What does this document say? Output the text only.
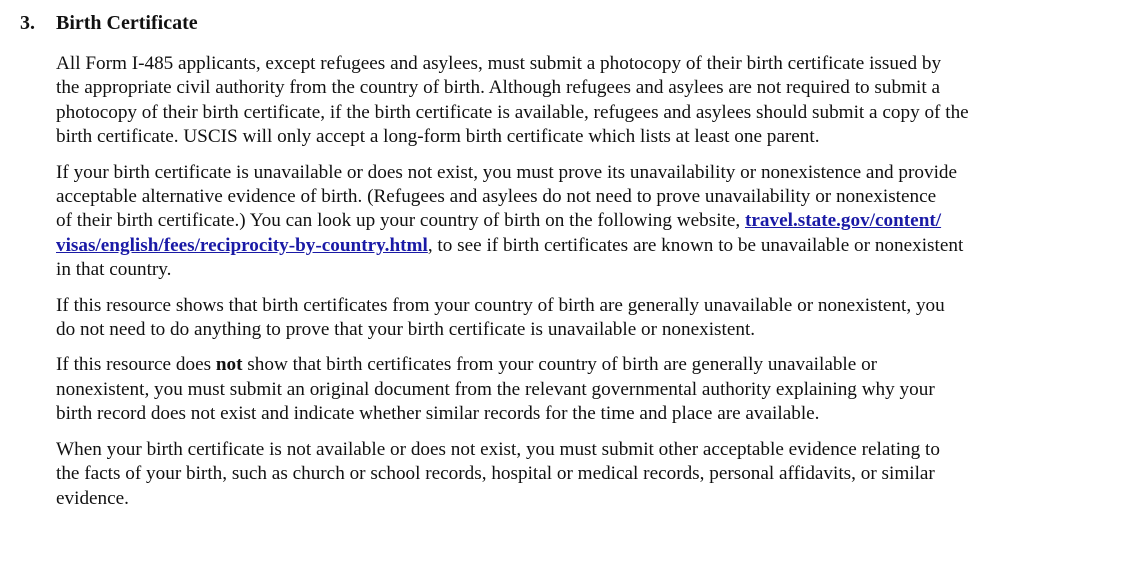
3. Birth Certificate
All Form I-485 applicants, except refugees and asylees, must submit a photocopy of their birth certificate issued by
the appropriate civil authority from the country of birth. Although refugees and asylees are not required to submit a
photocopy of their birth certificate, if the birth certificate is available, refugees and asylees should submit a copy of the
birth certificate. USCIS will only accept a long-form birth certificate which lists at least one parent.
If your birth certificate is unavailable or does not exist, you must prove its unavailability or nonexistence and provide
acceptable alternative evidence of birth. (Refugees and asylees do not need to prove unavailability or nonexistence
of their birth certificate.) You can look up your country of birth on the following website, travel.state.gov/content/
visas/english/fees/reciprocity-by-country.html, to see if birth certificates are known to be unavailable or nonexistent
in that country.
If this resource shows that birth certificates from your country of birth are generally unavailable or nonexistent, you
do not need to do anything to prove that your birth certificate is unavailable or nonexistent.
If this resource does not show that birth certificates from your country of birth are generally unavailable or
nonexistent, you must submit an original document from the relevant governmental authority explaining why your
birth record does not exist and indicate whether similar records for the time and place are available.
When your birth certificate is not available or does not exist, you must submit other acceptable evidence relating to
the facts of your birth, such as church or school records, hospital or medical records, personal affidavits, or similar
evidence.
